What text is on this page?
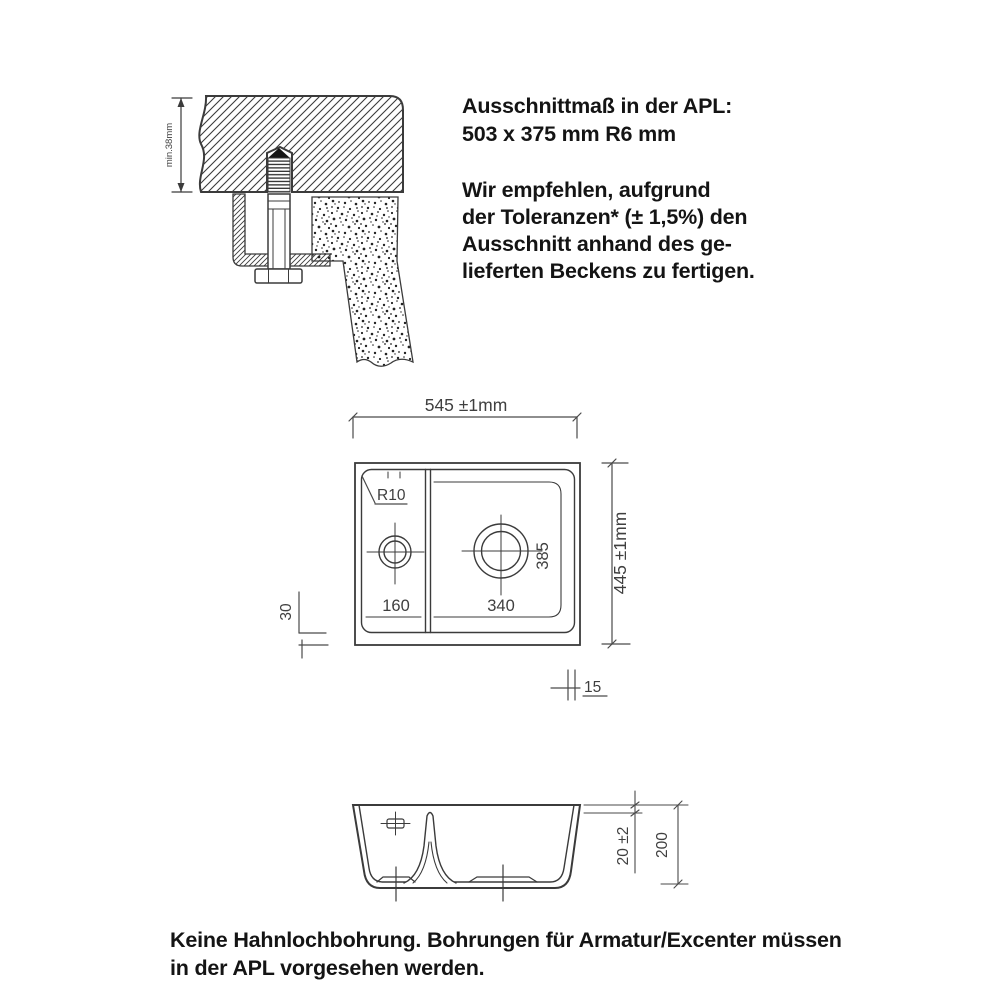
min.38mm
545 ±1mm
R10
160	340
385	445 ±1mm
30
15
20 ±2 200
Ausschnittmaß in der APL:
503 x 375 mm R6 mm
Wir empfehlen, aufgrund
der Toleranzen* (± 1,5%) den
Ausschnitt anhand des ge-
lieferten Beckens zu fertigen.
Keine Hahnlochbohrung. Bohrungen für Armatur/Excenter müssen
in der APL vorgesehen werden.
